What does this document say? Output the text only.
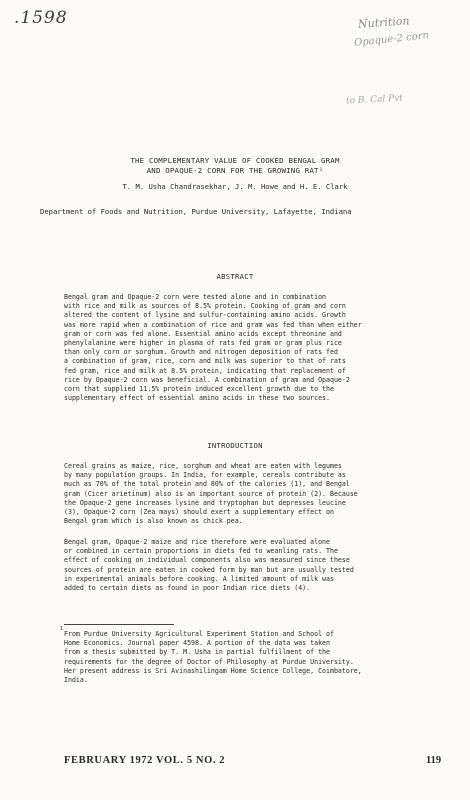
.1598	Nutrition
Opaque-2 corn
to B. Cal Pvt
THE COMPLEMENTARY VALUE OF COOKED BENGAL GRAM
AND OPAQUE-2 CORN FOR THE GROWING RAT¹
T. M. Usha Chandrasekhar, J. M. Howe and H. E. Clark
Department of Foods and Nutrition, Purdue University, Lafayette, Indiana
ABSTRACT
Bengal gram and Opaque-2 corn were tested alone and in combination
with rice and milk as sources of 8.5% protein. Cooking of gram and corn
altered the content of lysine and sulfur-containing amino acids. Growth
was more rapid when a combination of rice and gram was fed than when either
gram or corn was fed alone. Essential amino acids except threonine and
phenylalanine were higher in plasma of rats fed gram or gram plus rice
than only corn or sorghum. Growth and nitrogen deposition of rats fed
a combination of gram, rice, corn and milk was superior to that of rats
fed gram, rice and milk at 8.5% protein, indicating that replacement of
rice by Opaque-2 corn was beneficial. A combination of gram and Opaque-2
corn that supplied 11.5% protein induced excellent growth due to the
supplementary effect of essential amino acids in these two sources.
INTRODUCTION
Cereal grains as maize, rice, sorghum and wheat are eaten with legumes
by many population groups. In India, for example, cereals contribute as
much as 70% of the total protein and 80% of the calories (1), and Bengal
gram (Cicer arietinum) also is an important source of protein (2). Because
the Opaque-2 gene increases lysine and tryptophan but depresses leucine
(3), Opaque-2 corn (Zea mays) should exert a supplementary effect on
Bengal gram which is also known as chick pea.
Bengal gram, Opaque-2 maize and rice therefore were evaluated alone
or combined in certain proportions in diets fed to weanling rats. The
effect of cooking on individual components also was measured since these
sources of protein are eaten in cooked form by man but are usually tested
in experimental animals before cooking. A limited amount of milk was
added to certain diets as found in poor Indian rice diets (4).
1
From Purdue University Agricultural Experiment Station and School of
Home Economics. Journal paper 4598. A portion of the data was taken
from a thesis submitted by T. M. Usha in partial fulfillment of the
requirements for the degree of Doctor of Philosophy at Purdue University.
Her present address is Sri Avinashilingam Home Science College, Coimbatore,
India.
FEBRUARY 1972 VOL. 5 NO. 2	119
